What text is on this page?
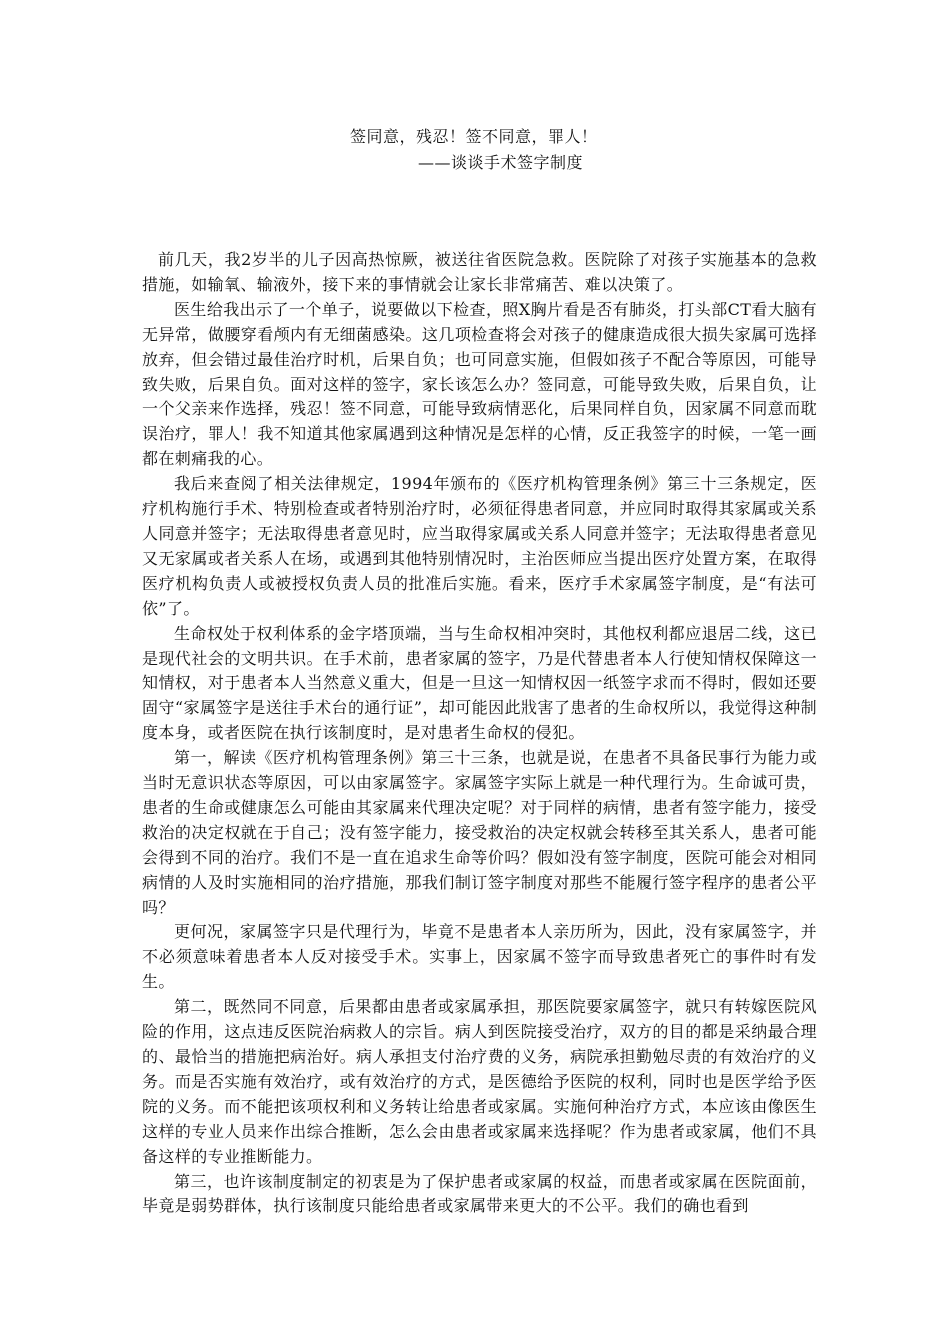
签同意，残忍！签不同意，罪人！

——谈谈手术签字制度

前几天，我2岁半的儿子因高热惊厥，被送往省医院急救。医院除了对孩子实施基本的急救措施，如输氧、输液外，接下来的事情就会让家长非常痛苦、难以决策了。

医生给我出示了一个单子，说要做以下检查，照X胸片看是否有肺炎，打头部CT看大脑有无异常，做腰穿看颅内有无细菌感染。这几项检查将会对孩子的健康造成很大损失家属可选择放弃，但会错过最佳治疗时机，后果自负；也可同意实施，但假如孩子不配合等原因，可能导致失败，后果自负。面对这样的签字，家长该怎么办？签同意，可能导致失败，后果自负，让一个父亲来作选择，残忍！签不同意，可能导致病情恶化，后果同样自负，因家属不同意而耽误治疗，罪人！我不知道其他家属遇到这种情况是怎样的心情，反正我签字的时候，一笔一画都在刺痛我的心。

我后来查阅了相关法律规定，1994年颁布的《医疗机构管理条例》第三十三条规定，医疗机构施行手术、特别检查或者特别治疗时，必须征得患者同意，并应同时取得其家属或关系人同意并签字；无法取得患者意见时，应当取得家属或关系人同意并签字；无法取得患者意见又无家属或者关系人在场，或遇到其他特别情况时，主治医师应当提出医疗处置方案，在取得医疗机构负责人或被授权负责人员的批准后实施。看来，医疗手术家属签字制度，是“有法可依”了。

生命权处于权利体系的金字塔顶端，当与生命权相冲突时，其他权利都应退居二线，这已是现代社会的文明共识。在手术前，患者家属的签字，乃是代替患者本人行使知情权保障这一知情权，对于患者本人当然意义重大，但是一旦这一知情权因一纸签字求而不得时，假如还要固守“家属签字是送往手术台的通行证”，却可能因此戕害了患者的生命权所以，我觉得这种制度本身，或者医院在执行该制度时，是对患者生命权的侵犯。

第一，解读《医疗机构管理条例》第三十三条，也就是说，在患者不具备民事行为能力或当时无意识状态等原因，可以由家属签字。家属签字实际上就是一种代理行为。生命诚可贵，患者的生命或健康怎么可能由其家属来代理决定呢？对于同样的病情，患者有签字能力，接受救治的决定权就在于自己；没有签字能力，接受救治的决定权就会转移至其关系人，患者可能会得到不同的治疗。我们不是一直在追求生命等价吗？假如没有签字制度，医院可能会对相同病情的人及时实施相同的治疗措施，那我们制订签字制度对那些不能履行签字程序的患者公平吗？

更何况，家属签字只是代理行为，毕竟不是患者本人亲历所为，因此，没有家属签字，并不必须意味着患者本人反对接受手术。实事上，因家属不签字而导致患者死亡的事件时有发生。

第二，既然同不同意，后果都由患者或家属承担，那医院要家属签字，就只有转嫁医院风险的作用，这点违反医院治病救人的宗旨。病人到医院接受治疗，双方的目的都是采纳最合理的、最恰当的措施把病治好。病人承担支付治疗费的义务，病院承担勤勉尽责的有效治疗的义务。而是否实施有效治疗，或有效治疗的方式，是医德给予医院的权利，同时也是医学给予医院的义务。而不能把该项权利和义务转让给患者或家属。实施何种治疗方式，本应该由像医生这样的专业人员来作出综合推断，怎么会由患者或家属来选择呢？作为患者或家属，他们不具备这样的专业推断能力。

第三，也许该制度制定的初衷是为了保护患者或家属的权益，而患者或家属在医院面前，毕竟是弱势群体，执行该制度只能给患者或家属带来更大的不公平。我们的确也看到
